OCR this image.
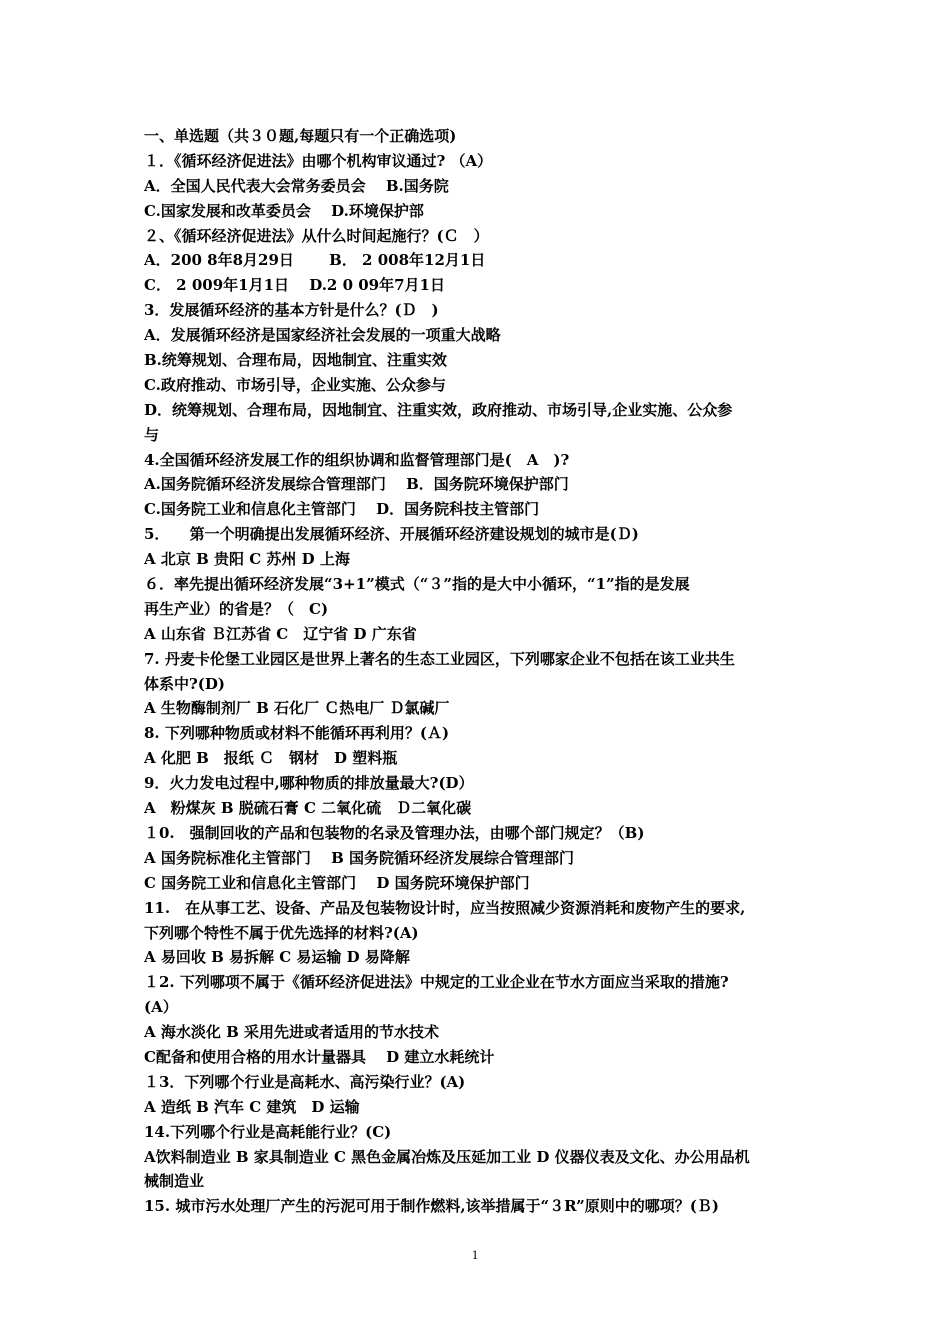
一、单选题（共３０题,每题只有一个正确选项)
１．《循环经济促进法》由哪个机构审议通过? （A）
A．全国人民代表大会常务委员会　 B.国务院
C.国家发展和改革委员会 　D.环境保护部
２、《循环经济促进法》从什么时间起施行？(Ｃ　）
A．200 8年8月29日　 　B． 2 008年12月1日
C． 2 009年1月1日 　D.2 0 09年7月1日
3．发展循环经济的基本方针是什么？(Ｄ　)
A．发展循环经济是国家经济社会发展的一项重大战略
B.统筹规划、合理布局，因地制宜、注重实效
C.政府推动、市场引导，企业实施、公众参与
D．统筹规划、合理布局，因地制宜、注重实效，政府推动、市场引导,企业实施、公众参
与
4.全国循环经济发展工作的组织协调和监督管理部门是(　A　)?
A.国务院循环经济发展综合管理部门 　B．国务院环境保护部门
C.国务院工业和信息化主管部门　 D．国务院科技主管部门
5． 　第一个明确提出发展循环经济、开展循环经济建设规划的城市是(Ｄ)
A 北京 B 贵阳 C 苏州 D 上海
６．率先提出循环经济发展“3+1”模式（“３”指的是大中小循环，“1”指的是发展
再生产业）的省是？（　C)
A 山东省 Ｂ江苏省 C　辽宁省 D 广东省
7. 丹麦卡伦堡工业园区是世界上著名的生态工业园区，下列哪家企业不包括在该工业共生
体系中?(D)
A 生物酶制剂厂 B 石化厂 Ｃ热电厂 Ｄ氯碱厂
8. 下列哪种物质或材料不能循环再利用？(Ａ)
A 化肥 B　报纸 Ｃ　钢材　D 塑料瓶
9．火力发电过程中,哪种物质的排放量最大?(D）
A　粉煤灰 B 脱硫石膏 C 二氧化硫　Ｄ二氧化碳
１0.　强制回收的产品和包装物的名录及管理办法，由哪个部门规定？（B)
A 国务院标准化主管部门 　B 国务院循环经济发展综合管理部门
C 国务院工业和信息化主管部门　 D 国务院环境保护部门
11.　在从事工艺、设备、产品及包装物设计时，应当按照减少资源消耗和废物产生的要求,
下列哪个特性不属于优先选择的材料?(A)
A 易回收 B 易拆解 C 易运输 D 易降解
１2. 下列哪项不属于《循环经济促进法》中规定的工业企业在节水方面应当采取的措施?
(A）
A 海水淡化 B 采用先进或者适用的节水技术
C配备和使用合格的用水计量器具　 D 建立水耗统计
１3．下列哪个行业是高耗水、高污染行业？(A)
A 造纸 B 汽车 C 建筑　D 运输
14.下列哪个行业是高耗能行业？(C)
A饮料制造业 B 家具制造业 C 黑色金属冶炼及压延加工业 D 仪器仪表及文化、办公用品机
械制造业
15. 城市污水处理厂产生的污泥可用于制作燃料,该举措属于“３R”原则中的哪项？(Ｂ)
1
